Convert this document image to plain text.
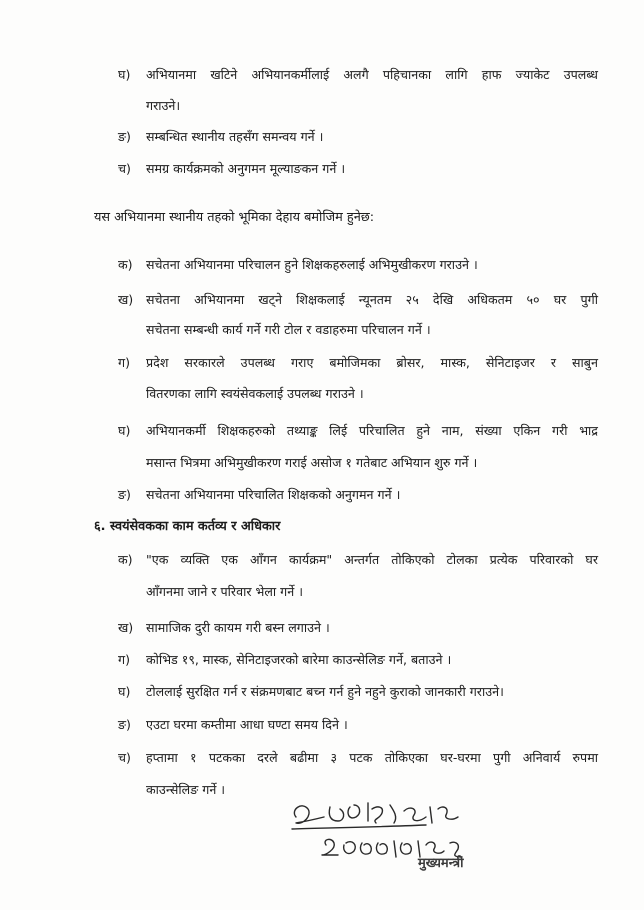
घ) अभियानमा खटिने अभियानकर्मीलाई अलगै पहिचानका लागि हाफ ज्याकेट उपलब्ध
गराउने।
ङ) सम्बन्धित स्थानीय तहसँग समन्वय गर्ने ।
च) समग्र कार्यक्रमको अनुगमन मूल्याङकन गर्ने ।
यस अभियानमा स्थानीय तहको भूमिका देहाय बमोजिम हुनेछ:
क) सचेतना अभियानमा परिचालन हुने शिक्षकहरुलाई अभिमुखीकरण गराउने ।
ख) सचेतना अभियानमा खट्ने शिक्षकलाई न्यूनतम २५ देखि अधिकतम ५० घर पुगी
सचेतना सम्बन्धी कार्य गर्ने गरी टोल र वडाहरुमा परिचालन गर्ने ।
ग) प्रदेश सरकारले उपलब्ध गराए बमोजिमका ब्रोसर, मास्क, सेनिटाइजर र साबुन
वितरणका लागि स्वयंसेवकलाई उपलब्ध गराउने ।
घ) अभियानकर्मी शिक्षकहरुको तथ्याङ्क लिई परिचालित हुने नाम, संख्या एकिन गरी भाद्र
मसान्त भित्रमा अभिमुखीकरण गराई असोज १ गतेबाट अभियान शुरु गर्ने ।
ङ) सचेतना अभियानमा परिचालित शिक्षकको अनुगमन गर्ने ।
६. स्वयंसेवकका काम कर्तव्य र अधिकार
क) "एक व्यक्ति एक आँगन कार्यक्रम" अन्तर्गत तोकिएको टोलका प्रत्येक परिवारको घर
आँगनमा जाने र परिवार भेला गर्ने ।
ख) सामाजिक दुरी कायम गरी बस्न लगाउने ।
ग) कोभिड १९, मास्क, सेनिटाइजरको बारेमा काउन्सेलिङ गर्ने, बताउने ।
घ) टोललाई सुरक्षित गर्न र संक्रमणबाट बच्न गर्न हुने नहुने कुराको जानकारी गराउने।
ङ) एउटा घरमा कम्तीमा आधा घण्टा समय दिने ।
च) हप्तामा १ पटकका दरले बढीमा ३ पटक तोकिएका घर-घरमा पुगी अनिवार्य रुपमा
काउन्सेलिङ गर्ने ।
मुख्यमन्त्री
